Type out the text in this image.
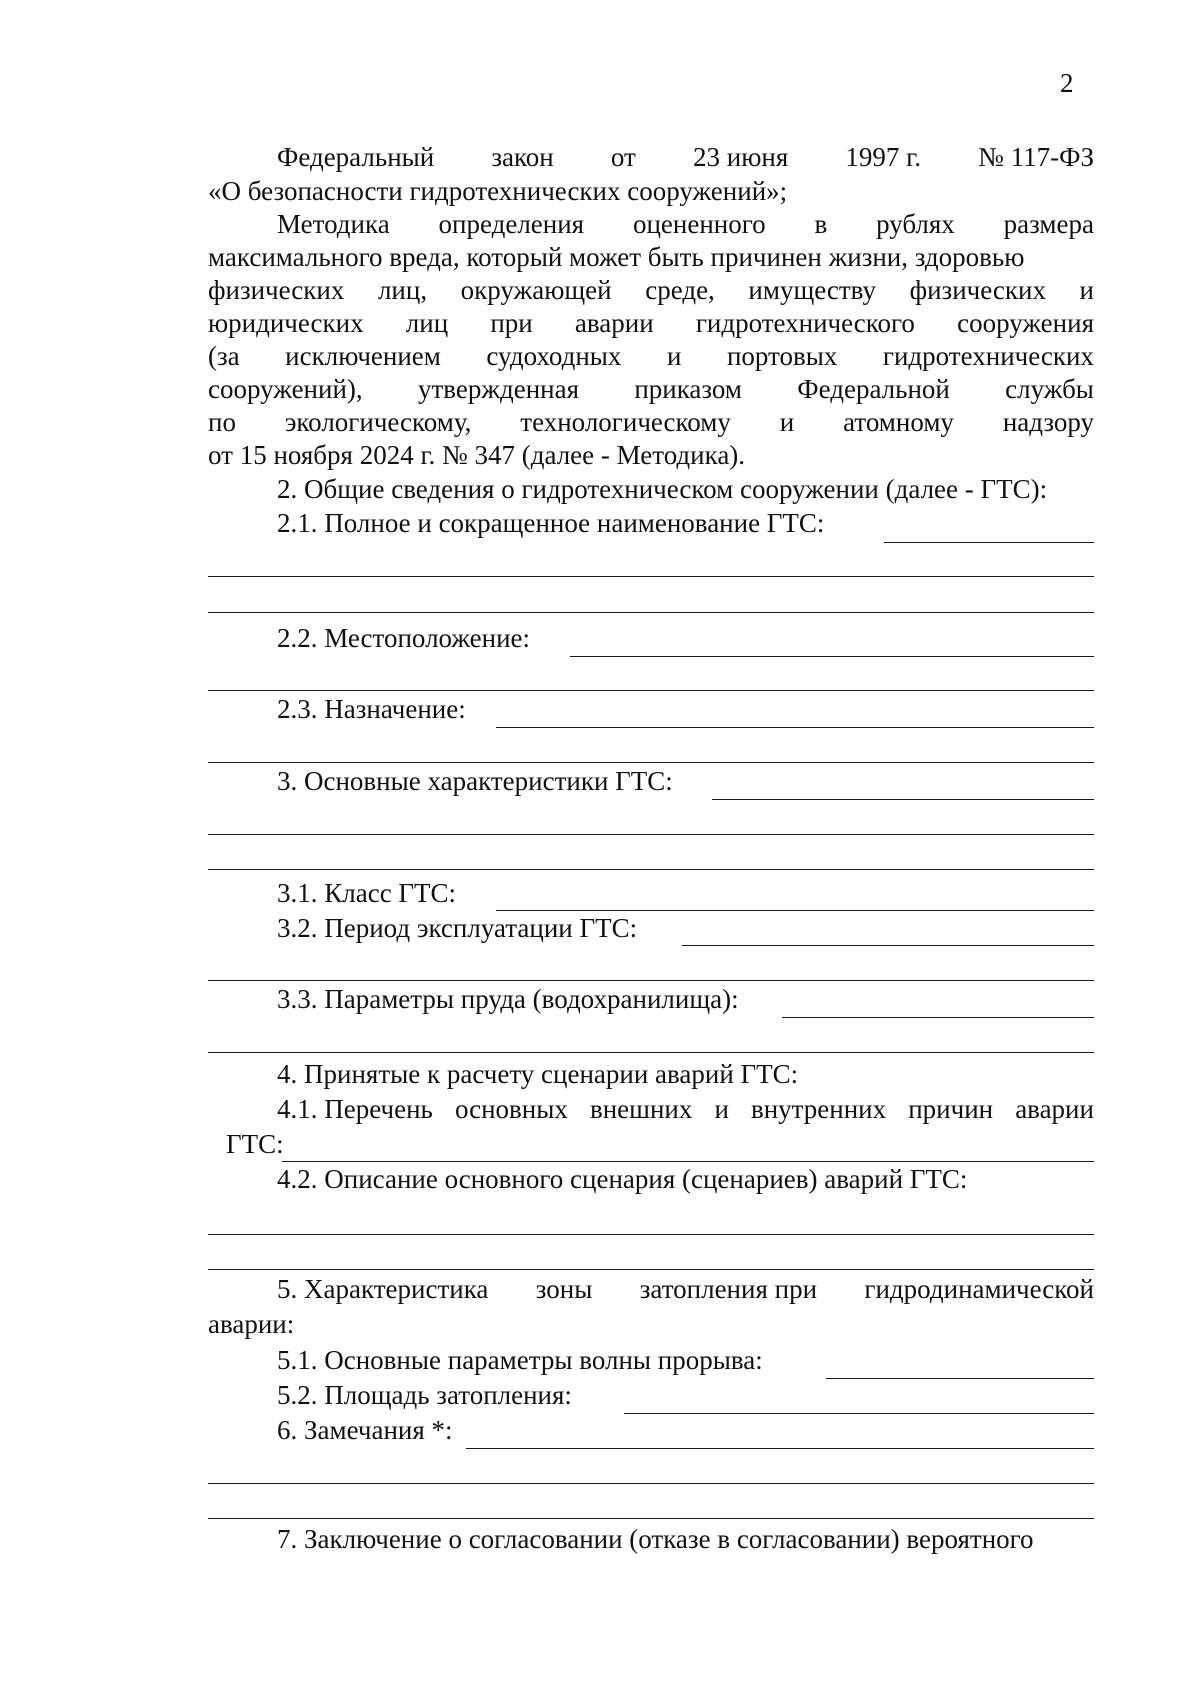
2
Федеральный закон от 23 июня 1997 г. № 117-ФЗ
«О безопасности гидротехнических сооружений»;
Методика определения оцененного в рублях размера
максимального вреда, который может быть причинен жизни, здоровью
физических лиц, окружающей среде, имуществу физических и
юридических лиц при аварии гидротехнического сооружения
(за исключением судоходных и портовых гидротехнических
сооружений), утвержденная приказом Федеральной службы
по экологическому, технологическому и атомному надзору
от 15 ноября 2024 г. № 347 (далее - Методика).
2. Общие сведения о гидротехническом сооружении (далее - ГТС):
2.1. Полное и сокращенное наименование ГТС:
2.2. Местоположение:
2.3. Назначение:
3. Основные характеристики ГТС:
3.1. Класс ГТС:
3.2. Период эксплуатации ГТС:
3.3. Параметры пруда (водохранилища):
4. Принятые к расчету сценарии аварий ГТС:
4.1. Перечень основных внешних и внутренних причин аварии
ГТС:
4.2. Описание основного сценария (сценариев) аварий ГТС:
5. Характеристика зоны затопления при гидродинамической
аварии:
5.1. Основные параметры волны прорыва:
5.2. Площадь затопления:
6. Замечания *:
7. Заключение о согласовании (отказе в согласовании) вероятного
